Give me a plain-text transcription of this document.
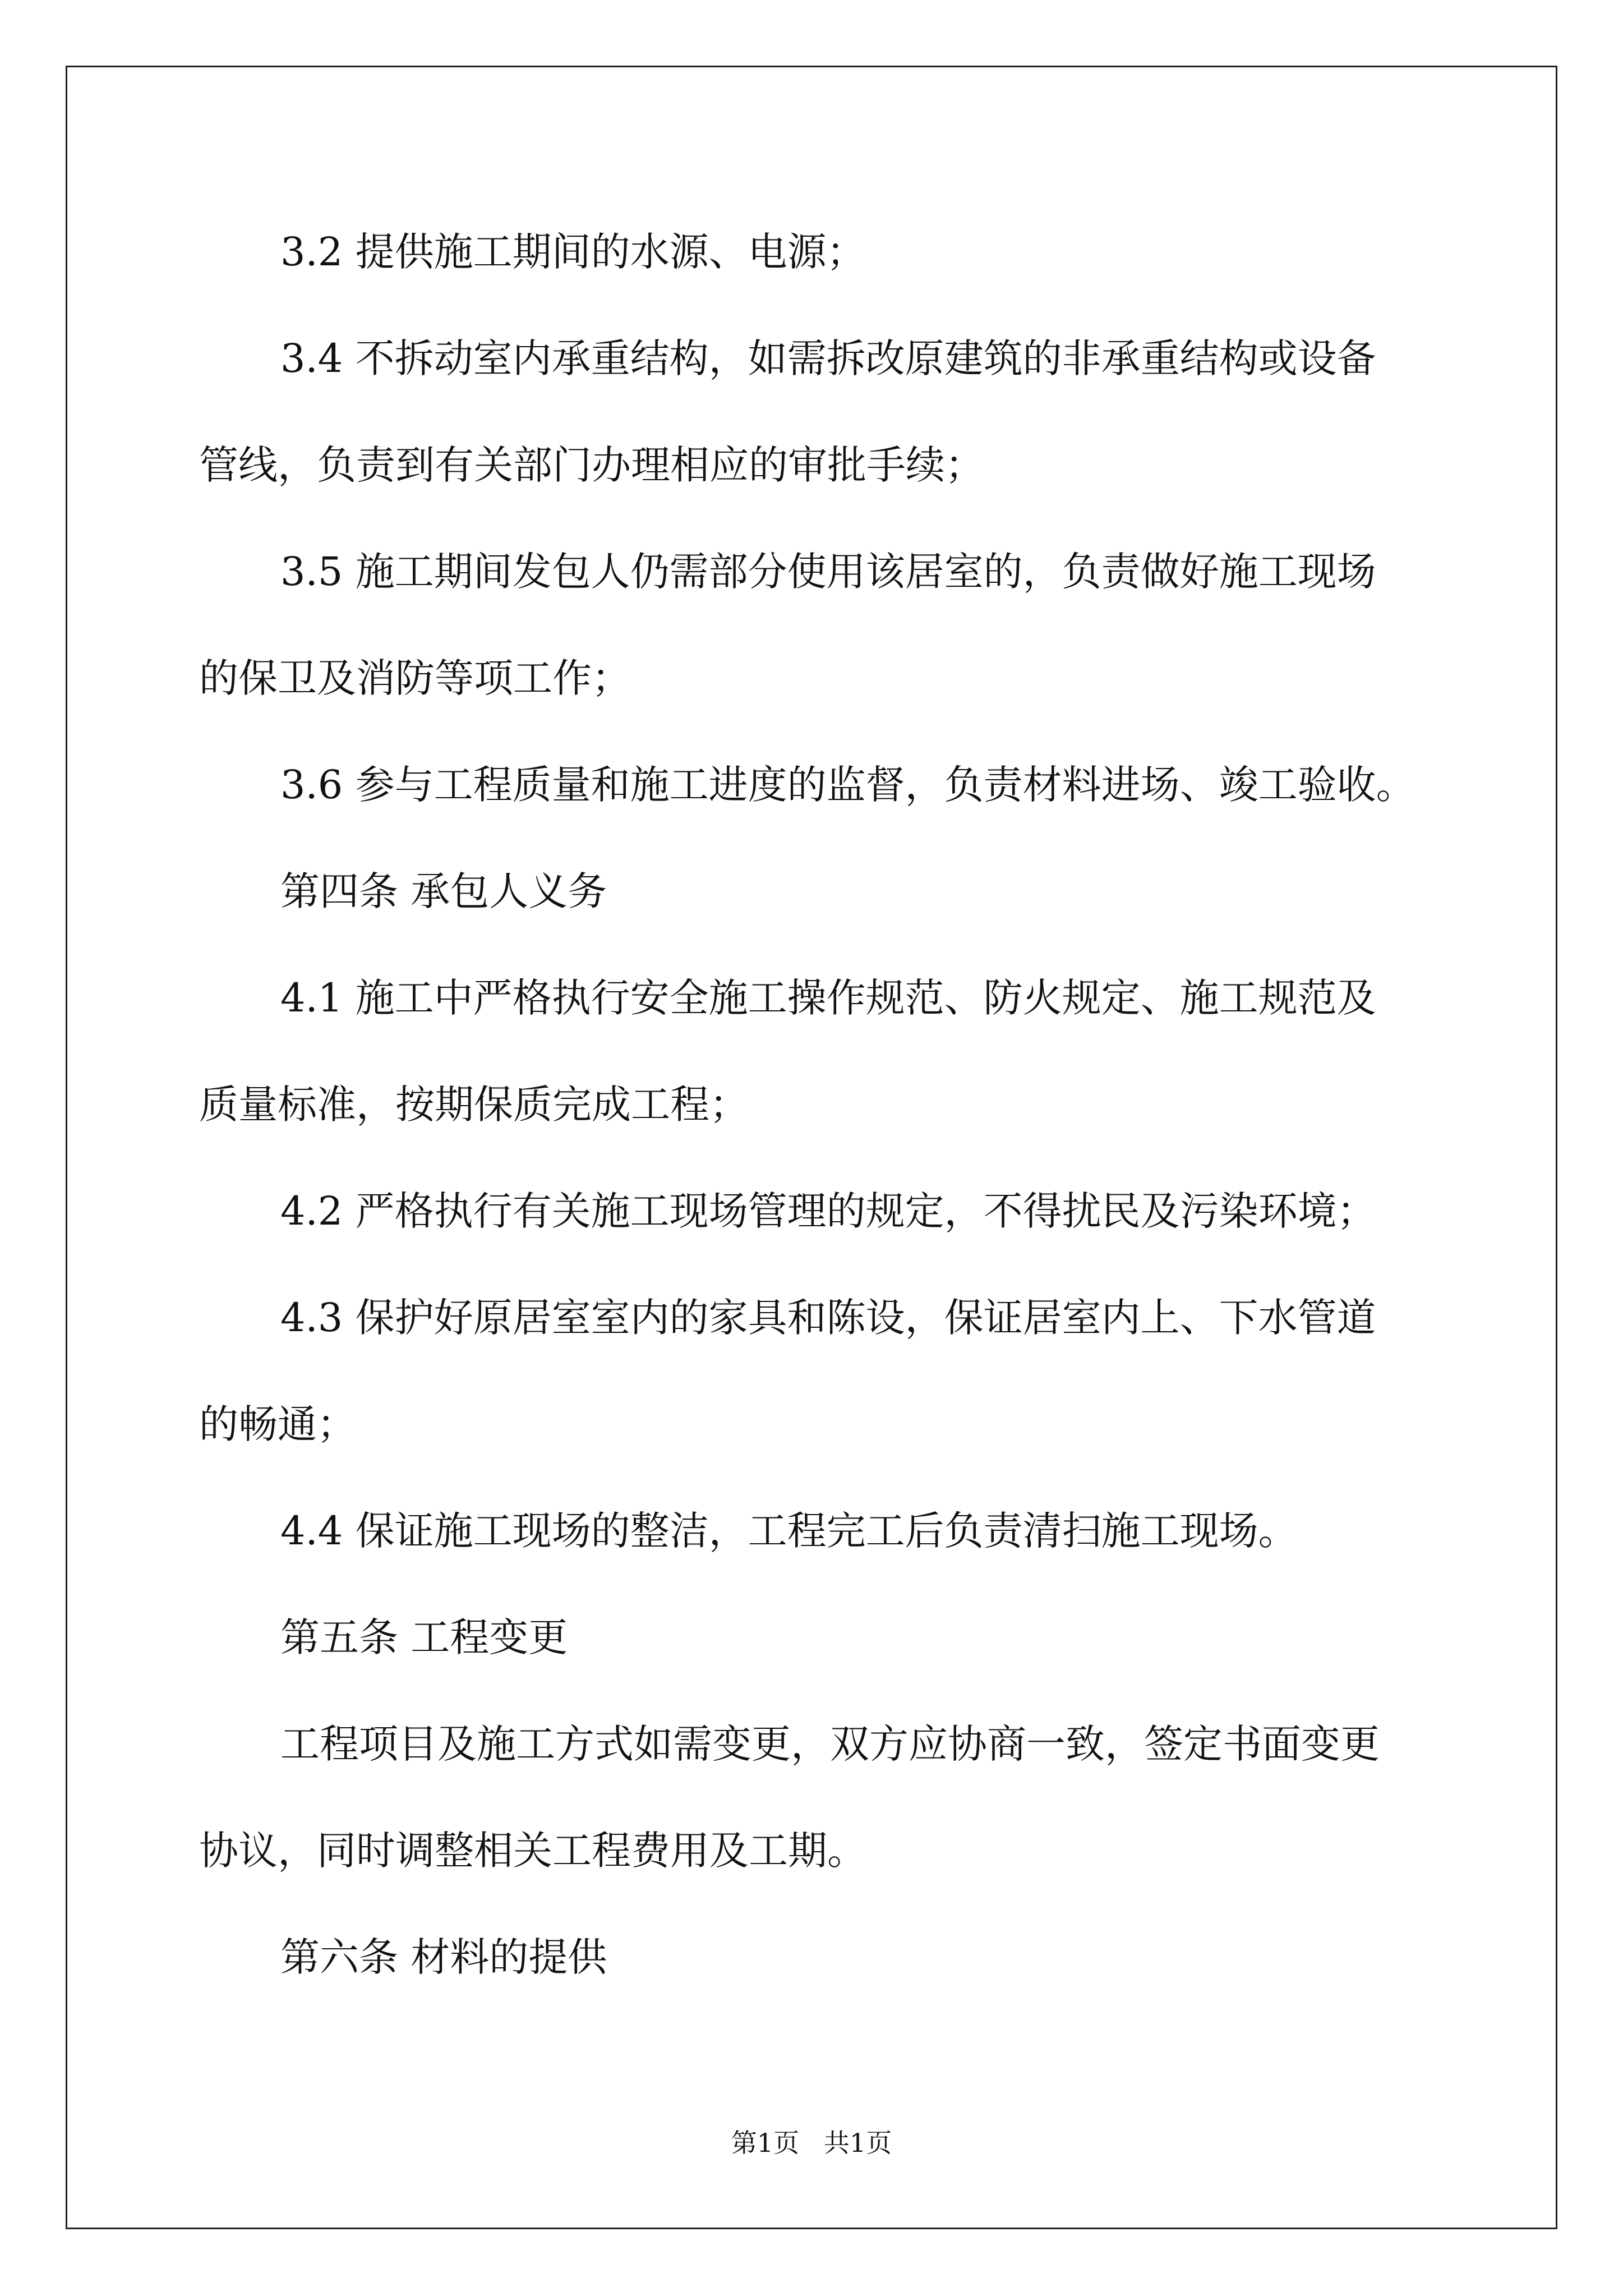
3.2 提供施工期间的水源、电源；
3.4 不拆动室内承重结构，如需拆改原建筑的非承重结构或设备
管线，负责到有关部门办理相应的审批手续；
3.5 施工期间发包人仍需部分使用该居室的，负责做好施工现场
的保卫及消防等项工作；
3.6 参与工程质量和施工进度的监督，负责材料进场、竣工验收。
第四条 承包人义务
4.1 施工中严格执行安全施工操作规范、防火规定、施工规范及
质量标准，按期保质完成工程；
4.2 严格执行有关施工现场管理的规定，不得扰民及污染环境；
4.3 保护好原居室室内的家具和陈设，保证居室内上、下水管道
的畅通；
4.4 保证施工现场的整洁，工程完工后负责清扫施工现场。
第五条 工程变更
工程项目及施工方式如需变更，双方应协商一致，签定书面变更
协议，同时调整相关工程费用及工期。
第六条 材料的提供
第1页   共1页
